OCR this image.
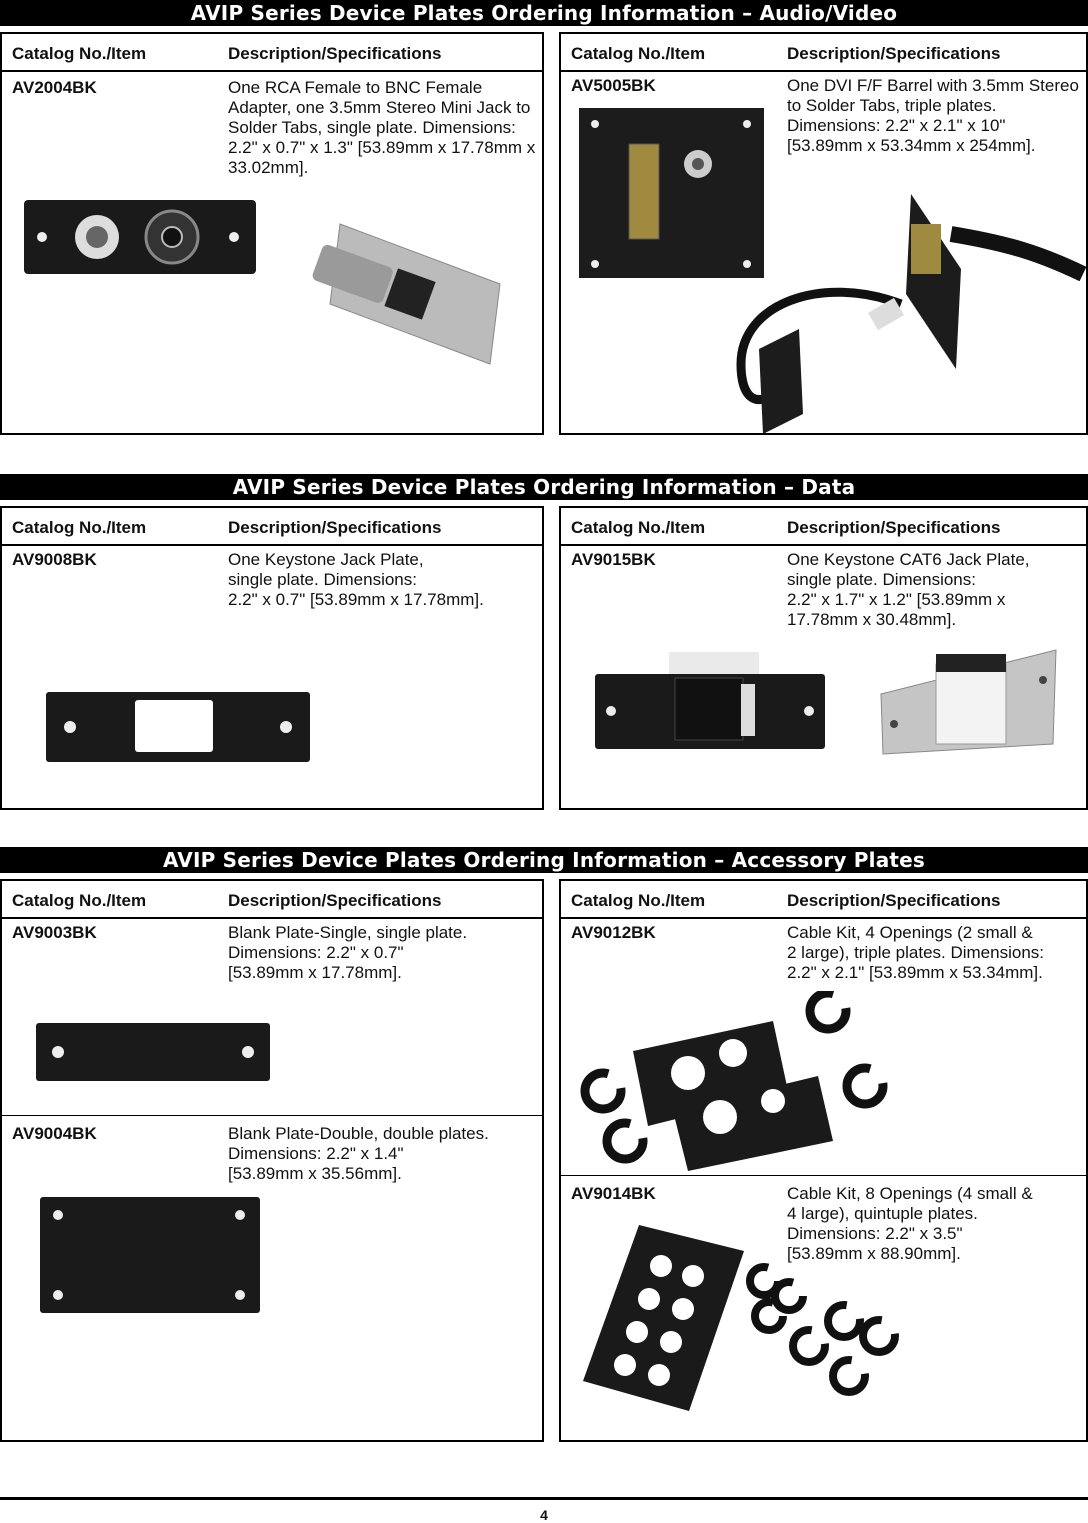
AVIP Series Device Plates Ordering Information – Audio/Video
Catalog No./Item	Description/Specifications
AV2004BK	One RCA Female to BNC Female Adapter, one 3.5mm Stereo Mini Jack to Solder Tabs, single plate. Dimensions: 2.2" x 0.7" x 1.3" [53.89mm x 17.78mm x 33.02mm].
Catalog No./Item	Description/Specifications
AV5005BK	One DVI F/F Barrel with 3.5mm Stereo to Solder Tabs, triple plates. Dimensions: 2.2" x 2.1" x 10" [53.89mm x 53.34mm x 254mm].
AVIP Series Device Plates Ordering Information – Data
Catalog No./Item	Description/Specifications
AV9008BK	One Keystone Jack Plate,
single plate. Dimensions:
2.2" x 0.7" [53.89mm x 17.78mm].
Catalog No./Item	Description/Specifications
AV9015BK	One Keystone CAT6 Jack Plate,
single plate. Dimensions:
2.2" x 1.7" x 1.2" [53.89mm x 17.78mm x 30.48mm].
AVIP Series Device Plates Ordering Information – Accessory Plates
Catalog No./Item	Description/Specifications
AV9003BK	Blank Plate-Single, single plate.
Dimensions: 2.2" x 0.7"
[53.89mm x 17.78mm].
AV9004BK	Blank Plate-Double, double plates.
Dimensions: 2.2" x 1.4"
[53.89mm x 35.56mm].
Catalog No./Item	Description/Specifications
AV9012BK	Cable Kit, 4 Openings (2 small &
2 large), triple plates. Dimensions:
2.2" x 2.1" [53.89mm x 53.34mm].
AV9014BK	Cable Kit, 8 Openings (4 small &
4 large), quintuple plates.
Dimensions: 2.2" x 3.5"
[53.89mm x 88.90mm].
4
